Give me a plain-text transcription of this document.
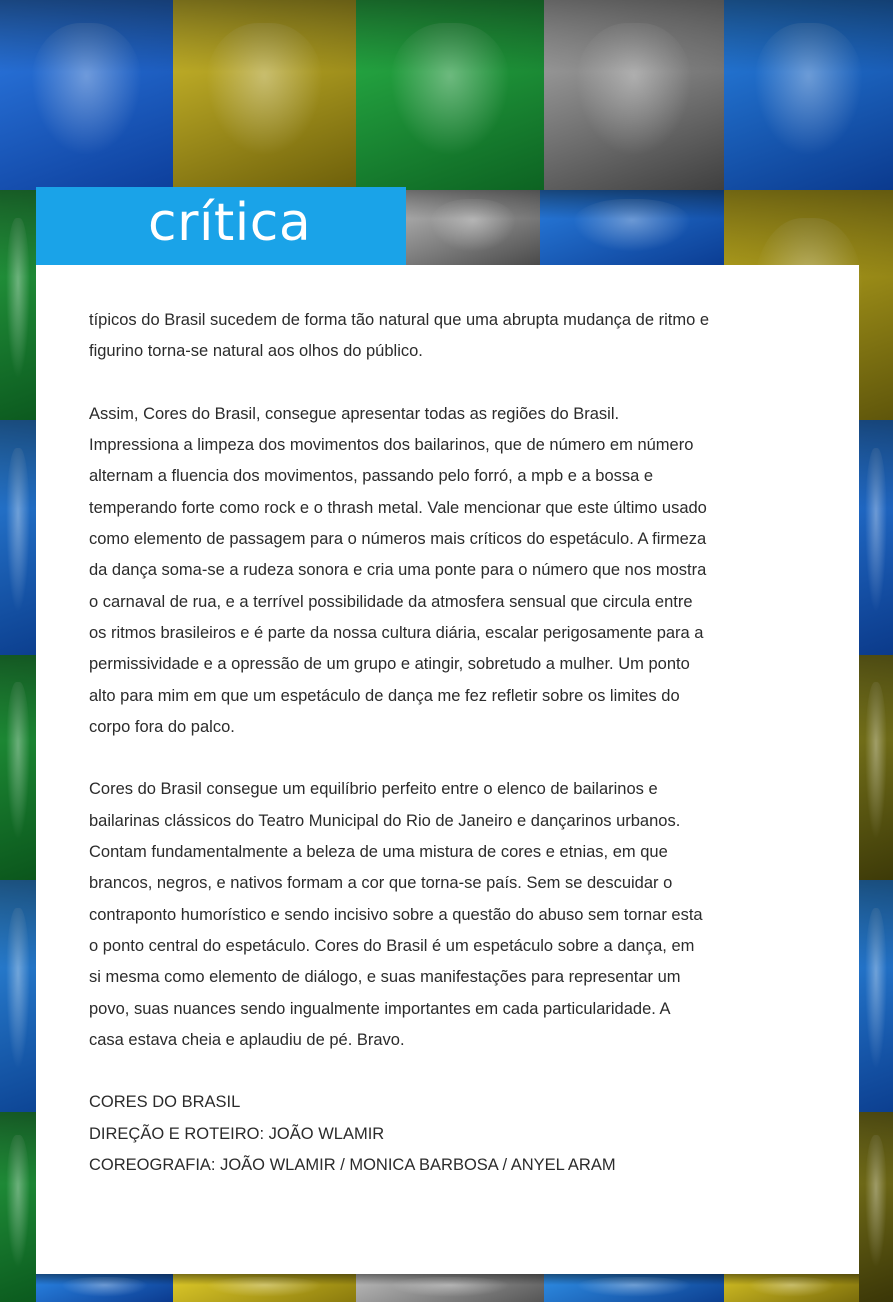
crítica

típicos do Brasil sucedem de forma tão natural que uma abrupta mudança de ritmo e figurino torna-se natural aos olhos do público.

Assim, Cores do Brasil, consegue apresentar todas as regiões do Brasil. Impressiona a limpeza dos movimentos dos bailarinos, que de número em número alternam a fluencia dos movimentos, passando pelo forró, a mpb e a bossa e temperando forte como rock e o thrash metal. Vale mencionar que este último usado como elemento de passagem para o números mais críticos do espetáculo. A firmeza da dança soma-se a rudeza sonora e cria uma ponte para o número que nos mostra o carnaval de rua, e a terrível possibilidade da atmosfera sensual que circula entre os ritmos brasileiros e é parte da nossa cultura diária, escalar perigosamente para a permissividade e a opressão de um grupo e atingir, sobretudo a mulher. Um ponto alto para mim em que um espetáculo de dança me fez refletir sobre os limites do corpo fora do palco.

Cores do Brasil consegue um equilíbrio perfeito entre o elenco de bailarinos e bailarinas clássicos do Teatro Municipal do Rio de Janeiro e dançarinos urbanos. Contam fundamentalmente a beleza de uma mistura de cores e etnias, em que brancos, negros, e nativos formam a cor que torna-se país. Sem se descuidar o contraponto humorístico e sendo incisivo sobre a questão do abuso sem tornar esta o ponto central do espetáculo. Cores do Brasil é um espetáculo sobre a dança, em si mesma como elemento de diálogo, e suas manifestações para representar um povo, suas nuances sendo ingualmente importantes em cada particularidade. A casa estava cheia e aplaudiu de pé. Bravo.

CORES DO BRASIL
DIREÇÃO E ROTEIRO: JOÃO WLAMIR
COREOGRAFIA: JOÃO WLAMIR / MONICA BARBOSA / ANYEL ARAM
